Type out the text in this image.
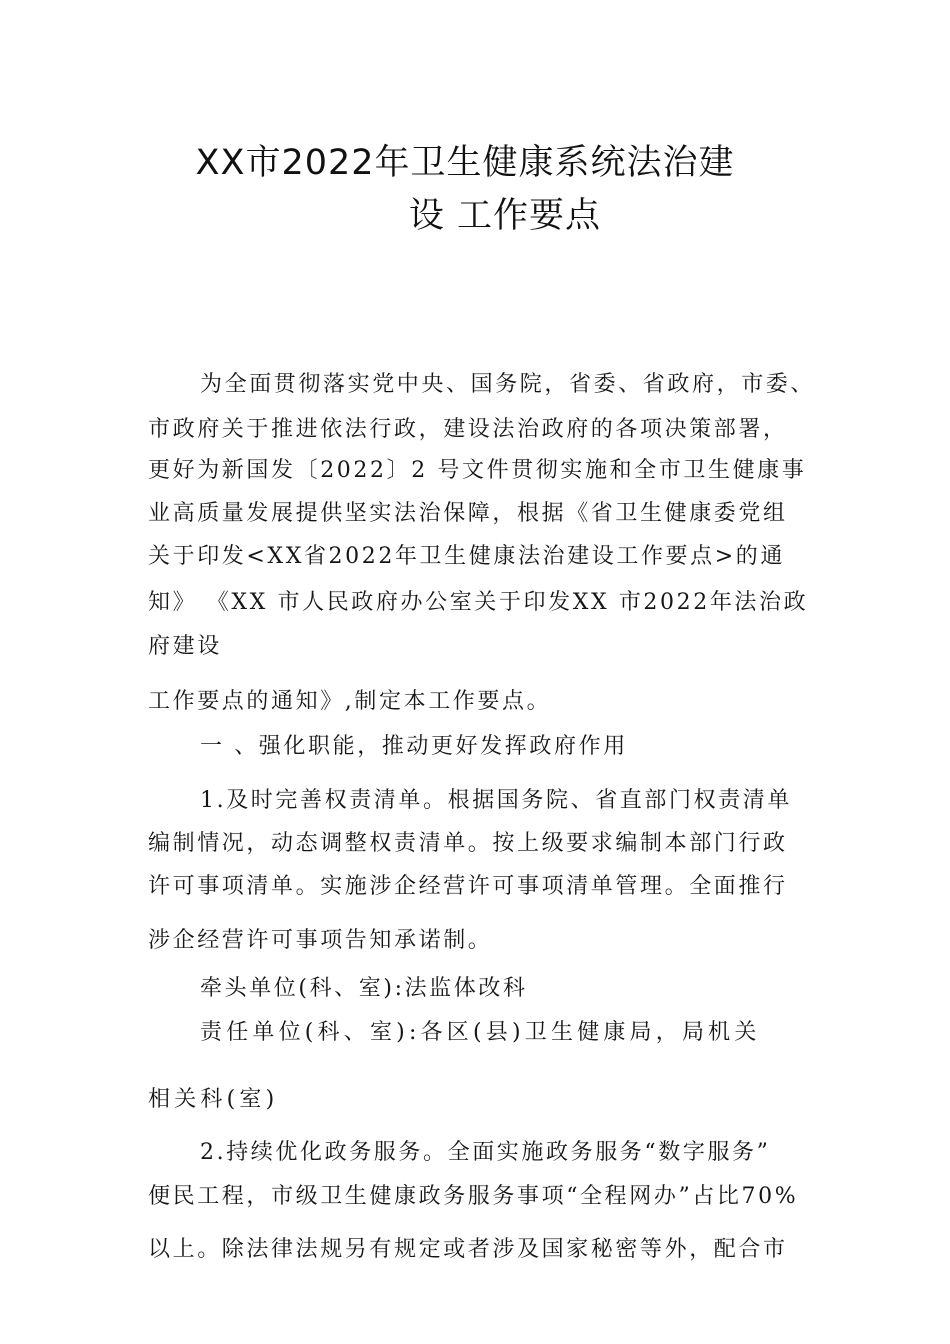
XX市2022年卫生健康系统法治建
设 工作要点
为全面贯彻落实党中央、国务院，省委、省政府，市委、
市政府关于推进依法行政，建设法治政府的各项决策部署，
更好为新国发〔2022〕2 号文件贯彻实施和全市卫生健康事
业高质量发展提供坚实法治保障，根据《省卫生健康委党组
关于印发<XX省2022年卫生健康法治建设工作要点>的通
知》 《XX 市人民政府办公室关于印发XX 市2022年法治政
府建设
工作要点的通知》,制定本工作要点。
一 、强化职能，推动更好发挥政府作用
1.及时完善权责清单。根据国务院、省直部门权责清单
编制情况，动态调整权责清单。按上级要求编制本部门行政
许可事项清单。实施涉企经营许可事项清单管理。全面推行
涉企经营许可事项告知承诺制。
牵头单位(科、室):法监体改科
责任单位(科、室):各区(县)卫生健康局，局机关
相关科(室)
2.持续优化政务服务。全面实施政务服务“数字服务”
便民工程，市级卫生健康政务服务事项“全程网办”占比70%
以上。除法律法规另有规定或者涉及国家秘密等外，配合市
